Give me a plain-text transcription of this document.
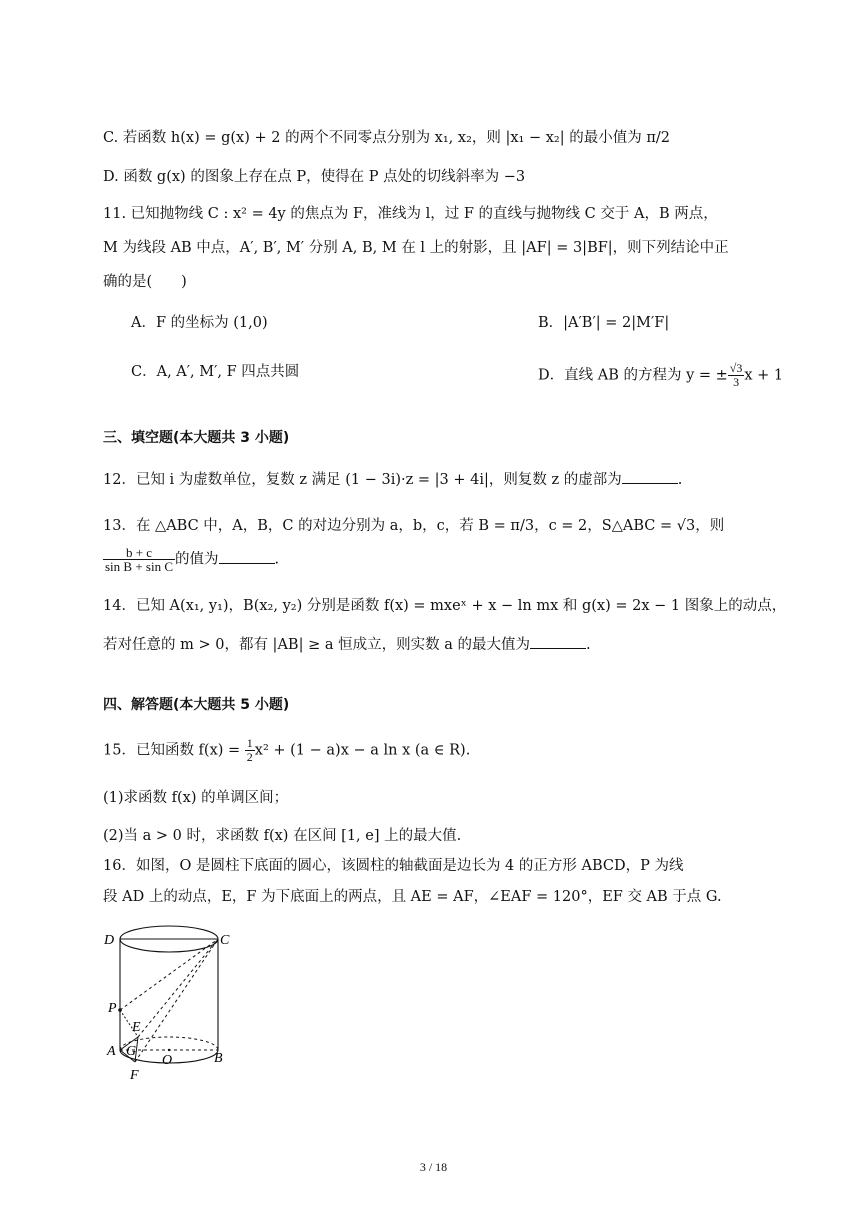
C. 若函数 h(x) = g(x) + 2 的两个不同零点分别为 x₁, x₂，则 |x₁ − x₂| 的最小值为 π/2
D. 函数 g(x) 的图象上存在点 P，使得在 P 点处的切线斜率为 −3
11. 已知抛物线 C : x² = 4y 的焦点为 F，准线为 l，过 F 的直线与抛物线 C 交于 A，B 两点，
M 为线段 AB 中点，A′, B′, M′ 分别 A, B, M 在 l 上的射影，且 |AF| = 3|BF|，则下列结论中正
确的是(　　)
A．F 的坐标为 (1,0)	B．|A′B′| = 2|M′F|
C．A, A′, M′, F 四点共圆	D．直线 AB 的方程为 y = ± $\frac{√3}{3}$ x + 1
三、填空题(本大题共 3 小题)
12．已知 i 为虚数单位，复数 z 满足 (1 − 3i)·z = |3 + 4i|，则复数 z 的虚部为	.
13．在 △ABC 中，A，B，C 的对边分别为 a，b，c，若 B = π/3，c = 2，S△ABC = √3，则
$\frac{b + c}{\text{sin B + sin C}}$ 的值为	.
14．已知 A(x₁, y₁)，B(x₂, y₂) 分别是函数 f(x) = mxeˣ + x − ln mx 和 g(x) = 2x − 1 图象上的动点，
若对任意的 m > 0，都有 |AB| ≥ a 恒成立，则实数 a 的最大值为	.
四、解答题(本大题共 5 小题)
15．已知函数 $f(x) = \frac{1}{2} x^2 + (1 - a)x - a$ ln x (a ∈ R).
(1)求函数 f(x) 的单调区间；
(2)当 a > 0 时，求函数 f(x) 在区间 [1, e] 上的最大值.
16．如图，O 是圆柱下底面的圆心，该圆柱的轴截面是边长为 4 的正方形 ABCD，P 为线
段 AD 上的动点，E，F 为下底面上的两点，且 AE = AF，∠EAF = 120°，EF 交 AB 于点 G.
D	C
P
E
A G
O	B
F
3 / 18
